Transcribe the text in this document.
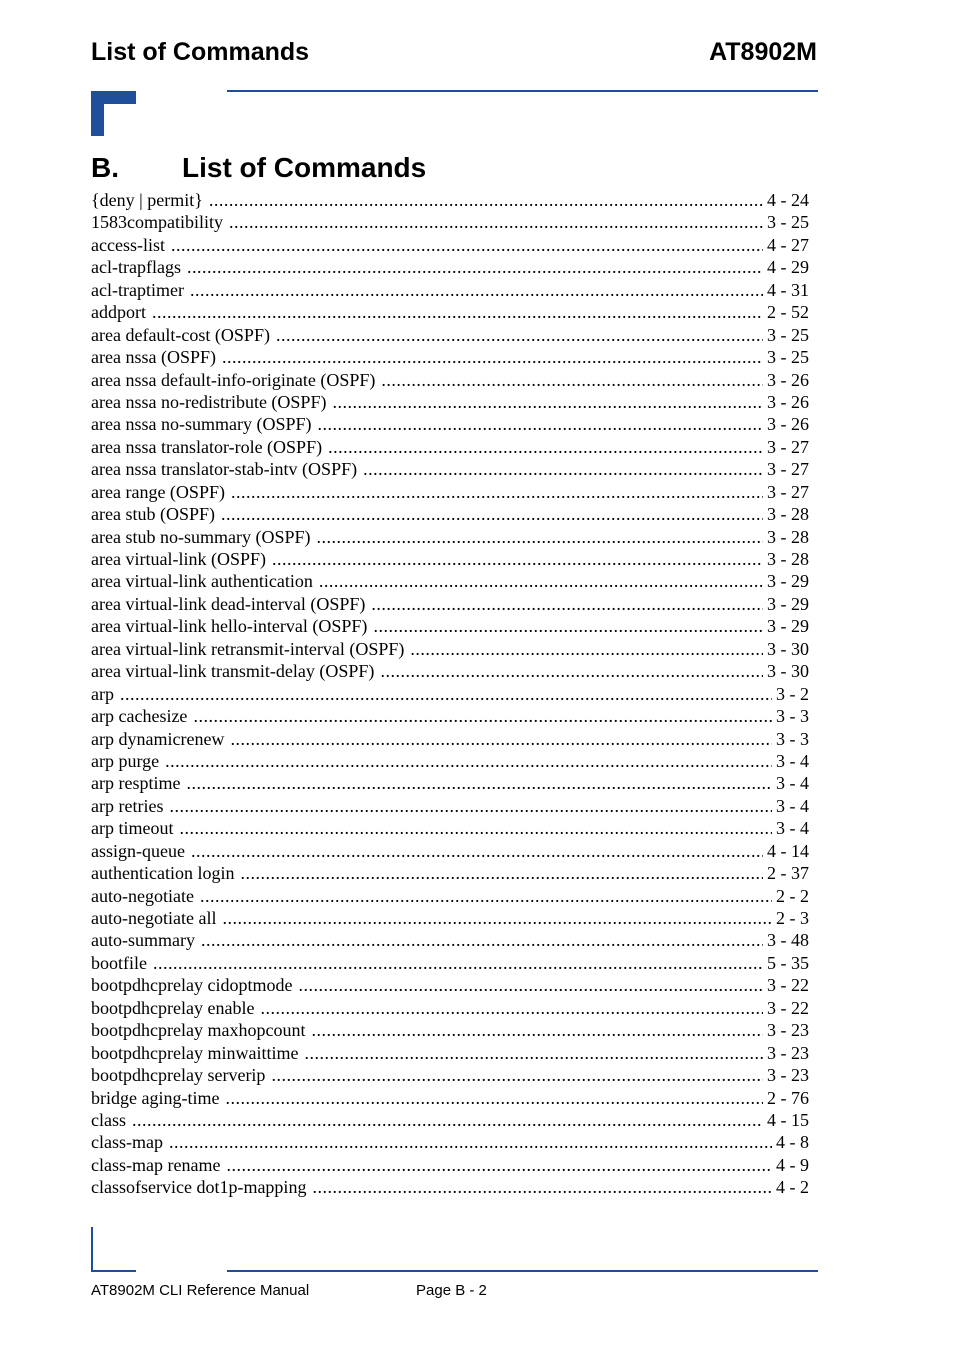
List of Commands	AT8902M
B.	List of Commands
{deny | permit} .....	4 - 24
1583compatibility .....	3 - 25
access-list .....	4 - 27
acl-trapflags .....	4 - 29
acl-traptimer .....	4 - 31
addport .....	2 - 52
area default-cost (OSPF) .....	3 - 25
area nssa (OSPF) .....	3 - 25
area nssa default-info-originate (OSPF) .....	3 - 26
area nssa no-redistribute (OSPF) .....	3 - 26
area nssa no-summary (OSPF) .....	3 - 26
area nssa translator-role (OSPF) .....	3 - 27
area nssa translator-stab-intv (OSPF) .....	3 - 27
area range (OSPF) .....	3 - 27
area stub (OSPF) .....	3 - 28
area stub no-summary (OSPF) .....	3 - 28
area virtual-link (OSPF) .....	3 - 28
area virtual-link authentication .....	3 - 29
area virtual-link dead-interval (OSPF) .....	3 - 29
area virtual-link hello-interval (OSPF) .....	3 - 29
area virtual-link retransmit-interval (OSPF) .....	3 - 30
area virtual-link transmit-delay (OSPF) .....	3 - 30
arp .....	3 - 2
arp cachesize .....	3 - 3
arp dynamicrenew .....	3 - 3
arp purge .....	3 - 4
arp resptime .....	3 - 4
arp retries .....	3 - 4
arp timeout .....	3 - 4
assign-queue .....	4 - 14
authentication login .....	2 - 37
auto-negotiate .....	2 - 2
auto-negotiate all .....	2 - 3
auto-summary .....	3 - 48
bootfile .....	5 - 35
bootpdhcprelay cidoptmode .....	3 - 22
bootpdhcprelay enable .....	3 - 22
bootpdhcprelay maxhopcount .....	3 - 23
bootpdhcprelay minwaittime .....	3 - 23
bootpdhcprelay serverip .....	3 - 23
bridge aging-time .....	2 - 76
class .....	4 - 15
class-map .....	4 - 8
class-map rename .....	4 - 9
classofservice dot1p-mapping .....	4 - 2
AT8902M CLI Reference Manual	Page B - 2
